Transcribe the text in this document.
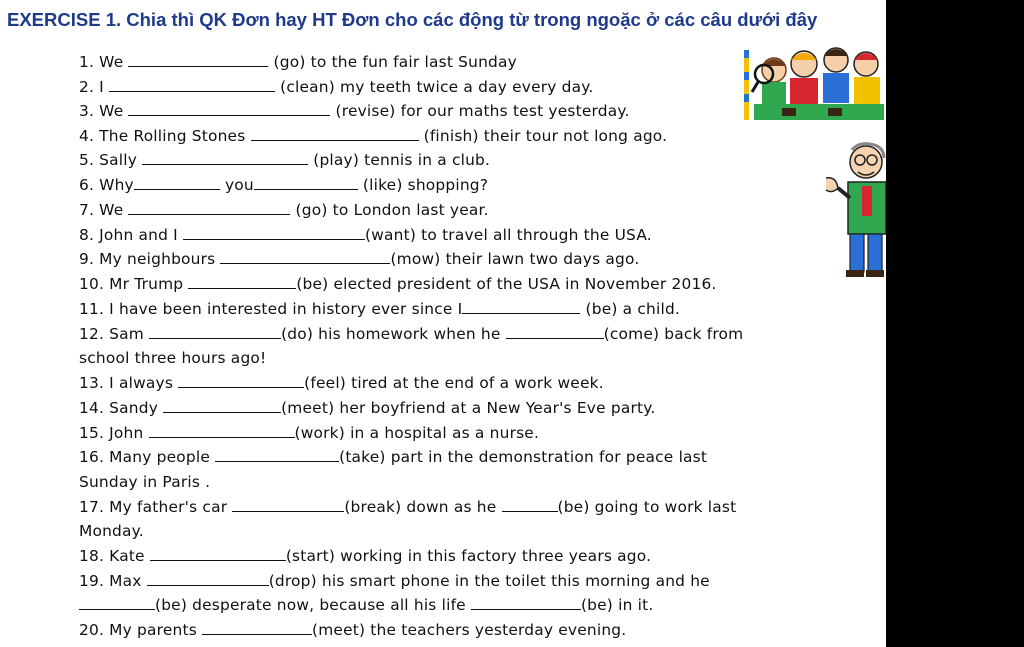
EXERCISE 1. Chia thì QK Đơn hay HT Đơn cho các động từ trong ngoặc ở các câu dưới đây
1. We	(go) to the fun fair last Sunday
2. I	(clean) my teeth twice a day every day.
3. We	(revise) for our maths test yesterday.
4. The Rolling Stones	(finish) their tour not long ago.
5. Sally	(play) tennis in a club.
6. Why	you	(like) shopping?
7. We	(go) to London last year.
8. John and I	(want) to travel all through the USA.
9. My neighbours	(mow) their lawn two days ago.
10. Mr Trump	(be) elected president of the USA in November 2016.
11. I have been interested in history ever since I	(be) a child.
12. Sam	(do) his homework when he	(come) back from
school three hours ago!
13. I always	(feel) tired at the end of a work week.
14. Sandy	(meet) her boyfriend at a New Year's Eve party.
15. John	(work) in a hospital as a nurse.
16. Many people	(take) part in the demonstration for peace last
Sunday in Paris .
17. My father's car	(break) down as he	(be) going to work last
Monday.
18. Kate	(start) working in this factory three years ago.
19. Max	(drop) his smart phone in the toilet this morning and he
(be) desperate now, because all his life	(be) in it.
20. My parents	(meet) the teachers yesterday evening.
